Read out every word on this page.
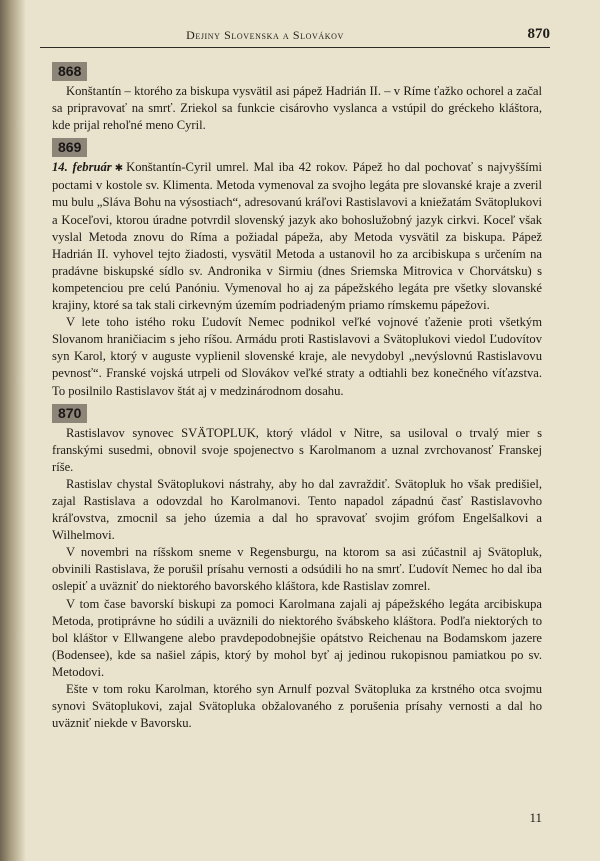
Dejiny Slovenska a Slovákov	870
868

Konštantín – ktorého za biskupa vysvätil asi pápež Hadrián II. – v Ríme ťažko ochorel a začal sa pripravovať na smrť. Zriekol sa funkcie cisárovho vyslanca a vstúpil do gréckeho kláštora, kde prijal rehoľné meno Cyril.

869

14. február ✱ Konštantín-Cyril umrel. Mal iba 42 rokov. Pápež ho dal pochovať s najvyššími poctami v kostole sv. Klimenta. Metoda vymenoval za svojho legáta pre slovanské kraje a zveril mu bulu „Sláva Bohu na výsostiach“, adresovanú kráľovi Rastislavovi a kniežatám Svätoplukovi a Koceľovi, ktorou úradne potvrdil slovenský jazyk ako bohoslužobný jazyk cirkvi. Koceľ však vyslal Metoda znovu do Ríma a požiadal pápeža, aby Metoda vysvätil za biskupa. Pápež Hadrián II. vyhovel tejto žiadosti, vysvätil Metoda a ustanovil ho za arcibiskupa s určením na pradávne biskupské sídlo sv. Andronika v Sirmiu (dnes Sriemska Mitrovica v Chorvátsku) s kompetenciou pre celú Panóniu. Vymenoval ho aj za pápežského legáta pre všetky slovanské krajiny, ktoré sa tak stali cirkevným územím podriadeným priamo rímskemu pápežovi.

V lete toho istého roku Ľudovít Nemec podnikol veľké vojnové ťaženie proti všetkým Slovanom hraničiacim s jeho ríšou. Armádu proti Rastislavovi a Svätoplukovi viedol Ľudovítov syn Karol, ktorý v auguste vyplienil slovenské kraje, ale nevydobyl „nevýslovnú Rastislavovu pevnosť“. Franské vojská utrpeli od Slovákov veľké straty a odtiahli bez konečného víťazstva. To posilnilo Rastislavov štát aj v medzinárodnom dosahu.

870

Rastislavov synovec SVÄTOPLUK, ktorý vládol v Nitre, sa usiloval o trvalý mier s franskými susedmi, obnovil svoje spojenectvo s Karolmanom a uznal zvrchovanosť Franskej ríše.

Rastislav chystal Svätoplukovi nástrahy, aby ho dal zavraždiť. Svätopluk ho však predišiel, zajal Rastislava a odovzdal ho Karolmanovi. Tento napadol západnú časť Rastislavovho kráľovstva, zmocnil sa jeho územia a dal ho spravovať svojim grófom Engelšalkovi a Wilhelmovi.

V novembri na ríšskom sneme v Regensburgu, na ktorom sa asi zúčastnil aj Svätopluk, obvinili Rastislava, že porušil prísahu vernosti a odsúdili ho na smrť. Ľudovít Nemec ho dal iba oslepiť a uväzniť do niektorého bavorského kláštora, kde Rastislav zomrel.

V tom čase bavorskí biskupi za pomoci Karolmana zajali aj pápežského legáta arcibiskupa Metoda, protiprávne ho súdili a uväznili do niektorého švábskeho kláštora. Podľa niektorých to bol kláštor v Ellwangene alebo pravdepodobnejšie opátstvo Reichenau na Bodamskom jazere (Bodensee), kde sa našiel zápis, ktorý by mohol byť aj jedinou rukopisnou pamiatkou po sv. Metodovi.

Ešte v tom roku Karolman, ktorého syn Arnulf pozval Svätopluka za krstného otca svojmu synovi Svätoplukovi, zajal Svätopluka obžalovaného z porušenia prísahy vernosti a dal ho uväzniť niekde v Bavorsku.

11
